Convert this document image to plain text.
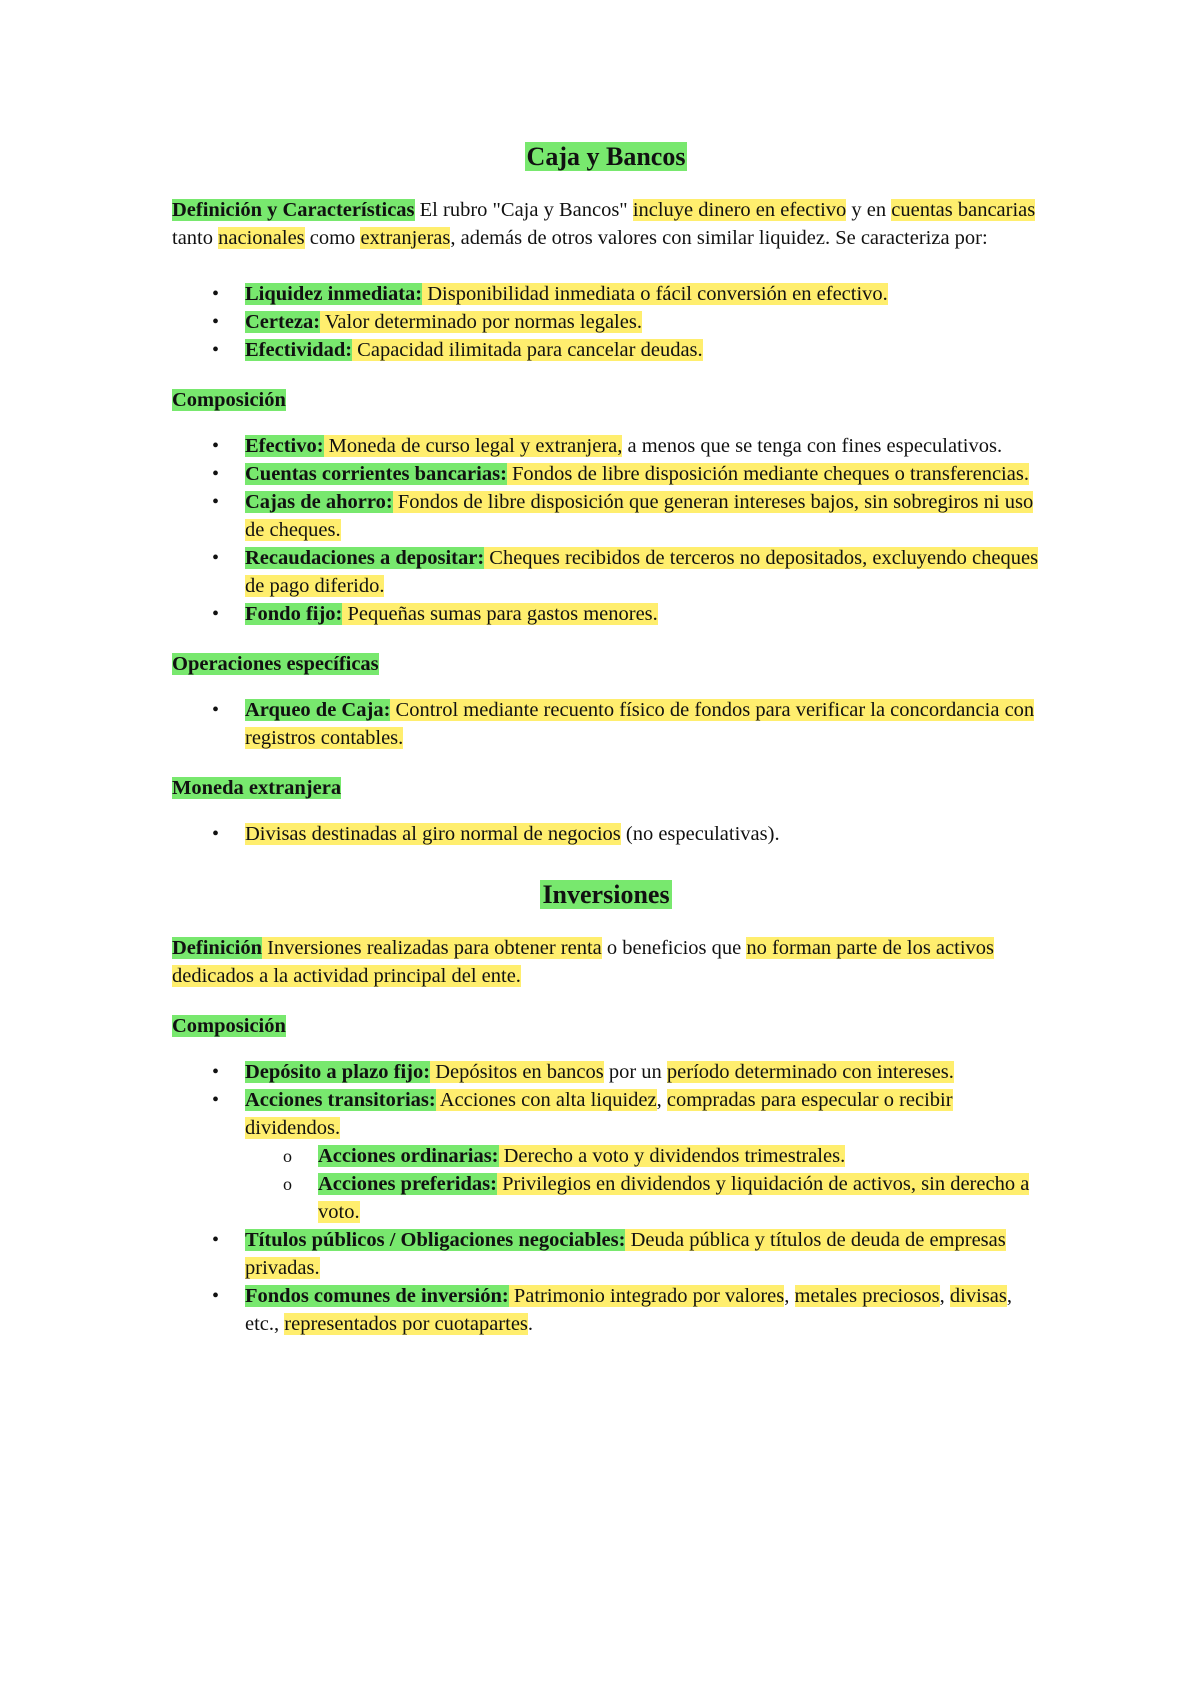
Caja y Bancos

Definición y Características El rubro "Caja y Bancos" incluye dinero en efectivo y en cuentas bancarias tanto nacionales como extranjeras, además de otros valores con similar liquidez. Se caracteriza por:

• Liquidez inmediata: Disponibilidad inmediata o fácil conversión en efectivo.
• Certeza: Valor determinado por normas legales.
• Efectividad: Capacidad ilimitada para cancelar deudas.
Composición
• Efectivo: Moneda de curso legal y extranjera, a menos que se tenga con fines especulativos.
• Cuentas corrientes bancarias: Fondos de libre disposición mediante cheques o transferencias.
• Cajas de ahorro: Fondos de libre disposición que generan intereses bajos, sin sobregiros ni uso de cheques.
• Recaudaciones a depositar: Cheques recibidos de terceros no depositados, excluyendo cheques de pago diferido.
• Fondo fijo: Pequeñas sumas para gastos menores.
Operaciones específicas
• Arqueo de Caja: Control mediante recuento físico de fondos para verificar la concordancia con registros contables.
Moneda extranjera
• Divisas destinadas al giro normal de negocios (no especulativas).
Inversiones

Definición Inversiones realizadas para obtener renta o beneficios que no forman parte de los activos dedicados a la actividad principal del ente.

Composición
• Depósito a plazo fijo: Depósitos en bancos por un período determinado con intereses.
• Acciones transitorias: Acciones con alta liquidez, compradas para especular o recibir dividendos.
o Acciones ordinarias: Derecho a voto y dividendos trimestrales.
o Acciones preferidas: Privilegios en dividendos y liquidación de activos, sin derecho a voto.
• Títulos públicos / Obligaciones negociables: Deuda pública y títulos de deuda de empresas privadas.
• Fondos comunes de inversión: Patrimonio integrado por valores, metales preciosos, divisas, etc., representados por cuotapartes.
